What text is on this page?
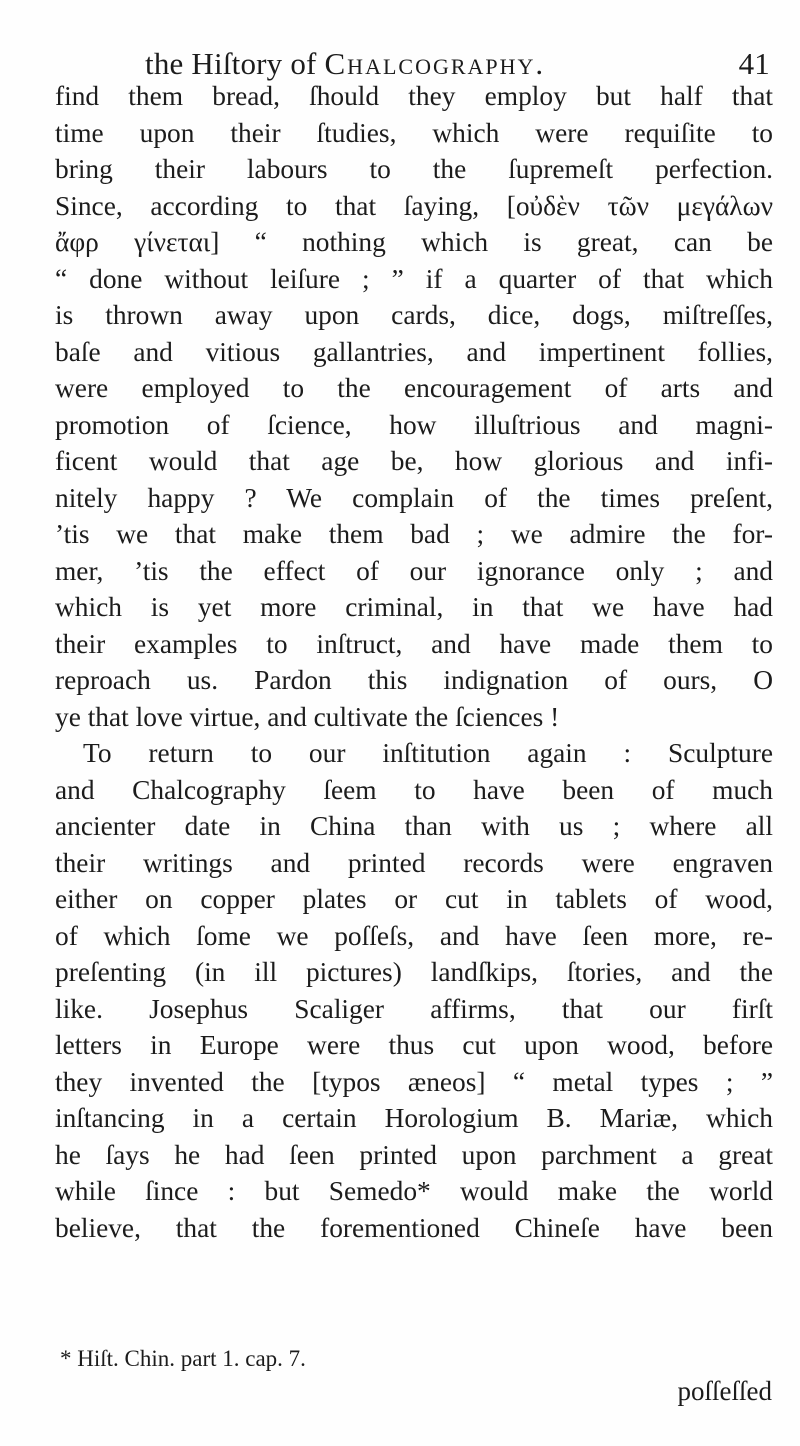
the Hiſtory of Chalcography.	41
find them bread, ſhould they employ but half that
time upon their ſtudies, which were requiſite to
bring their labours to the ſupremeſt perfection.
Since, according to that ſaying, [οὐδὲν τῶν μεγάλων
ἄφρ γίνεται] “ nothing which is great, can be
“ done without leiſure ; ” if a quarter of that which
is thrown away upon cards, dice, dogs, miſtreſſes,
baſe and vitious gallantries, and impertinent follies,
were employed to the encouragement of arts and
promotion of ſcience, how illuſtrious and magni-
ficent would that age be, how glorious and infi-
nitely happy ? We complain of the times preſent,
’tis we that make them bad ; we admire the for-
mer, ’tis the effect of our ignorance only ; and
which is yet more criminal, in that we have had
their examples to inſtruct, and have made them to
reproach us. Pardon this indignation of ours, O
ye that love virtue, and cultivate the ſciences !
To return to our inſtitution again : Sculpture
and Chalcography ſeem to have been of much
ancienter date in China than with us ; where all
their writings and printed records were engraven
either on copper plates or cut in tablets of wood,
of which ſome we poſſeſs, and have ſeen more, re-
preſenting (in ill pictures) landſkips, ſtories, and the
like. Josephus Scaliger affirms, that our firſt
letters in Europe were thus cut upon wood, before
they invented the [typos æneos] “ metal types ; ”
inſtancing in a certain Horologium B. Mariæ, which
he ſays he had ſeen printed upon parchment a great
while ſince : but Semedo* would make the world
believe, that the forementioned Chineſe have been
* Hiſt. Chin. part 1. cap. 7.
poſſeſſed
